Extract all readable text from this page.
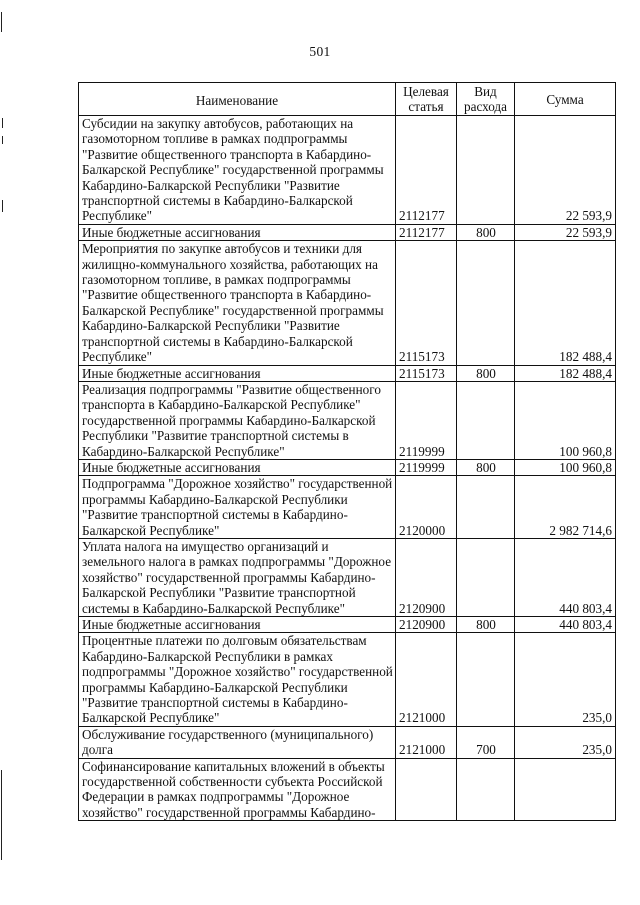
501
Наименование	Целевая статья	Вид расхода	Сумма
Субсидии на закупку автобусов, работающих на газомоторном топливе в рамках подпрограммы "Развитие общественного транспорта в Кабардино-Балкарской Республике" государственной программы Кабардино-Балкарской Республики "Развитие транспортной системы в Кабардино-Балкарской Республике"	2112177		22 593,9
Иные бюджетные ассигнования	2112177	800	22 593,9
Мероприятия по закупке автобусов и техники для жилищно-коммунального хозяйства, работающих на газомоторном топливе, в рамках подпрограммы "Развитие общественного транспорта в Кабардино-Балкарской Республике" государственной программы Кабардино-Балкарской Республики "Развитие транспортной системы в Кабардино-Балкарской Республике"	2115173		182 488,4
Иные бюджетные ассигнования	2115173	800	182 488,4
Реализация подпрограммы "Развитие общественного транспорта в Кабардино-Балкарской Республике" государственной программы Кабардино-Балкарской Республики "Развитие транспортной системы в Кабардино-Балкарской Республике"	2119999		100 960,8
Иные бюджетные ассигнования	2119999	800	100 960,8
Подпрограмма "Дорожное хозяйство" государственной программы Кабардино-Балкарской Республики "Развитие транспортной системы в Кабардино-Балкарской Республике"	2120000		2 982 714,6
Уплата налога на имущество организаций и земельного налога в рамках подпрограммы "Дорожное хозяйство" государственной программы Кабардино-Балкарской Республики "Развитие транспортной системы в Кабардино-Балкарской Республике"	2120900		440 803,4
Иные бюджетные ассигнования	2120900	800	440 803,4
Процентные платежи по долговым обязательствам Кабардино-Балкарской Республики в рамках подпрограммы "Дорожное хозяйство" государственной программы Кабардино-Балкарской Республики "Развитие транспортной системы в Кабардино-Балкарской Республике"	2121000		235,0
Обслуживание государственного (муниципального) долга	2121000	700	235,0

Софинансирование капитальных вложений в объекты государственной собственности субъекта Российской Федерации в рамках подпрограммы "Дорожное хозяйство" государственной программы Кабардино-			
